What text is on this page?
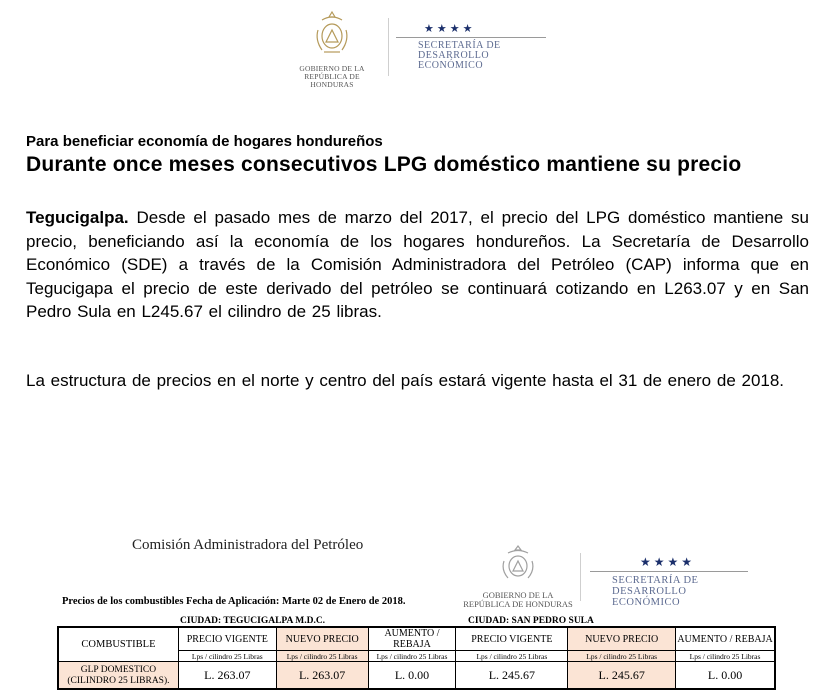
GOBIERNO DE LA
REPÚBLICA DE HONDURAS
★★★★
SECRETARÍA DE
DESARROLLO ECONÓMICO
Para beneficiar economía de hogares hondureños
Durante once meses consecutivos LPG doméstico mantiene su precio
Tegucigalpa. Desde el pasado mes de marzo del 2017, el precio del LPG doméstico mantiene su precio, beneficiando así la economía de los hogares hondureños. La Secretaría de Desarrollo Económico (SDE) a través de la Comisión Administradora del Petróleo (CAP) informa que en Tegucigapa el precio de este derivado del petróleo se continuará cotizando en L263.07 y en San Pedro Sula en L245.67 el cilindro de 25 libras.
La estructura de precios en el norte y centro del país estará vigente hasta el 31 de enero de 2018.
Comisión Administradora del Petróleo
GOBIERNO DE LA
REPÚBLICA DE HONDURAS
★★★★
SECRETARÍA DE
DESARROLLO ECONÓMICO
Precios de los combustibles Fecha de Aplicación: Marte 02 de Enero de 2018.
CIUDAD: TEGUCIGALPA M.D.C.	CIUDAD: SAN PEDRO SULA
COMBUSTIBLE	PRECIO VIGENTE	NUEVO PRECIO	AUMENTO / REBAJA	PRECIO VIGENTE	NUEVO PRECIO	AUMENTO / REBAJA
	Lps / cilindro 25 Libras	Lps / cilindro 25 Libras	Lps / cilindro 25 Libras	Lps / cilindro 25 Libras	Lps / cilindro 25 Libras	Lps / cilindro 25 Libras

GLP DOMESTICO
(CILINDRO 25 LIBRAS).	L. 263.07	L. 263.07	L. 0.00	L. 245.67	L. 245.67	L. 0.00
